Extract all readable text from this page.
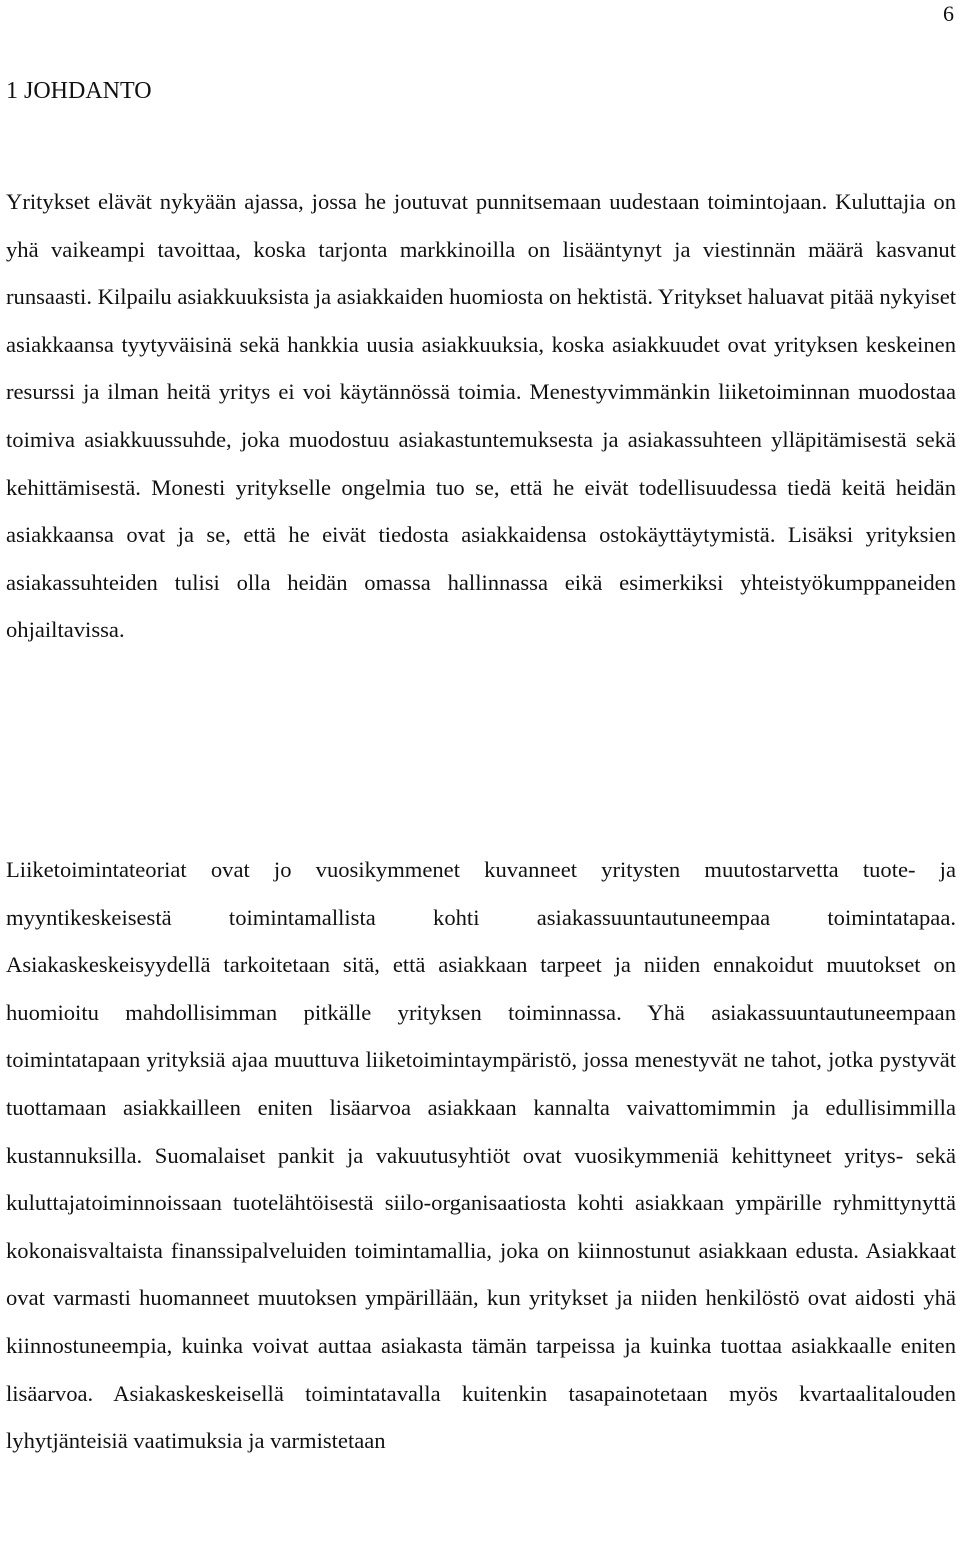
6
1 JOHDANTO

Yritykset elävät nykyään ajassa, jossa he joutuvat punnitsemaan uudestaan toimintojaan. Kuluttajia on yhä vaikeampi tavoittaa, koska tarjonta markkinoilla on lisääntynyt ja viestinnän määrä kasvanut runsaasti. Kilpailu asiakkuuksista ja asiakkaiden huomiosta on hektistä. Yritykset haluavat pitää nykyiset asiakkaansa tyytyväisinä sekä hankkia uusia asiakkuuksia, koska asiakkuudet ovat yrityksen keskeinen resurssi ja ilman heitä yritys ei voi käytännössä toimia. Menestyvimmänkin liiketoiminnan muodostaa toimiva asiakkuussuhde, joka muodostuu asiakastuntemuksesta ja asiakassuhteen ylläpitämisestä sekä kehittämisestä. Monesti yritykselle ongelmia tuo se, että he eivät todellisuudessa tiedä keitä heidän asiakkaansa ovat ja se, että he eivät tiedosta asiakkaidensa ostokäyttäytymistä. Lisäksi yrityksien asiakassuhteiden tulisi olla heidän omassa hallinnassa eikä esimerkiksi yhteistyökumppaneiden ohjailtavissa.

Liiketoimintateoriat ovat jo vuosikymmenet kuvanneet yritysten muutostarvetta tuote- ja myyntikeskeisestä toimintamallista kohti asiakassuuntautuneempaa toimintatapaa. Asiakaskeskeisyydellä tarkoitetaan sitä, että asiakkaan tarpeet ja niiden ennakoidut muutokset on huomioitu mahdollisimman pitkälle yrityksen toiminnassa. Yhä asiakassuuntautuneempaan toimintatapaan yrityksiä ajaa muuttuva liiketoimintaympäristö, jossa menestyvät ne tahot, jotka pystyvät tuottamaan asiakkailleen eniten lisäarvoa asiakkaan kannalta vaivattomimmin ja edullisimmilla kustannuksilla. Suomalaiset pankit ja vakuutusyhtiöt ovat vuosikymmeniä kehittyneet yritys- sekä kuluttajatoiminnoissaan tuotelähtöisestä siilo-organisaatiosta kohti asiakkaan ympärille ryhmittynyttä kokonaisvaltaista finanssipalveluiden toimintamallia, joka on kiinnostunut asiakkaan edusta. Asiakkaat ovat varmasti huomanneet muutoksen ympärillään, kun yritykset ja niiden henkilöstö ovat aidosti yhä kiinnostuneempia, kuinka voivat auttaa asiakasta tämän tarpeissa ja kuinka tuottaa asiakkaalle eniten lisäarvoa. Asiakaskeskeisellä toimintatavalla kuitenkin tasapainotetaan myös kvartaalitalouden lyhytjänteisiä vaatimuksia ja varmistetaan
